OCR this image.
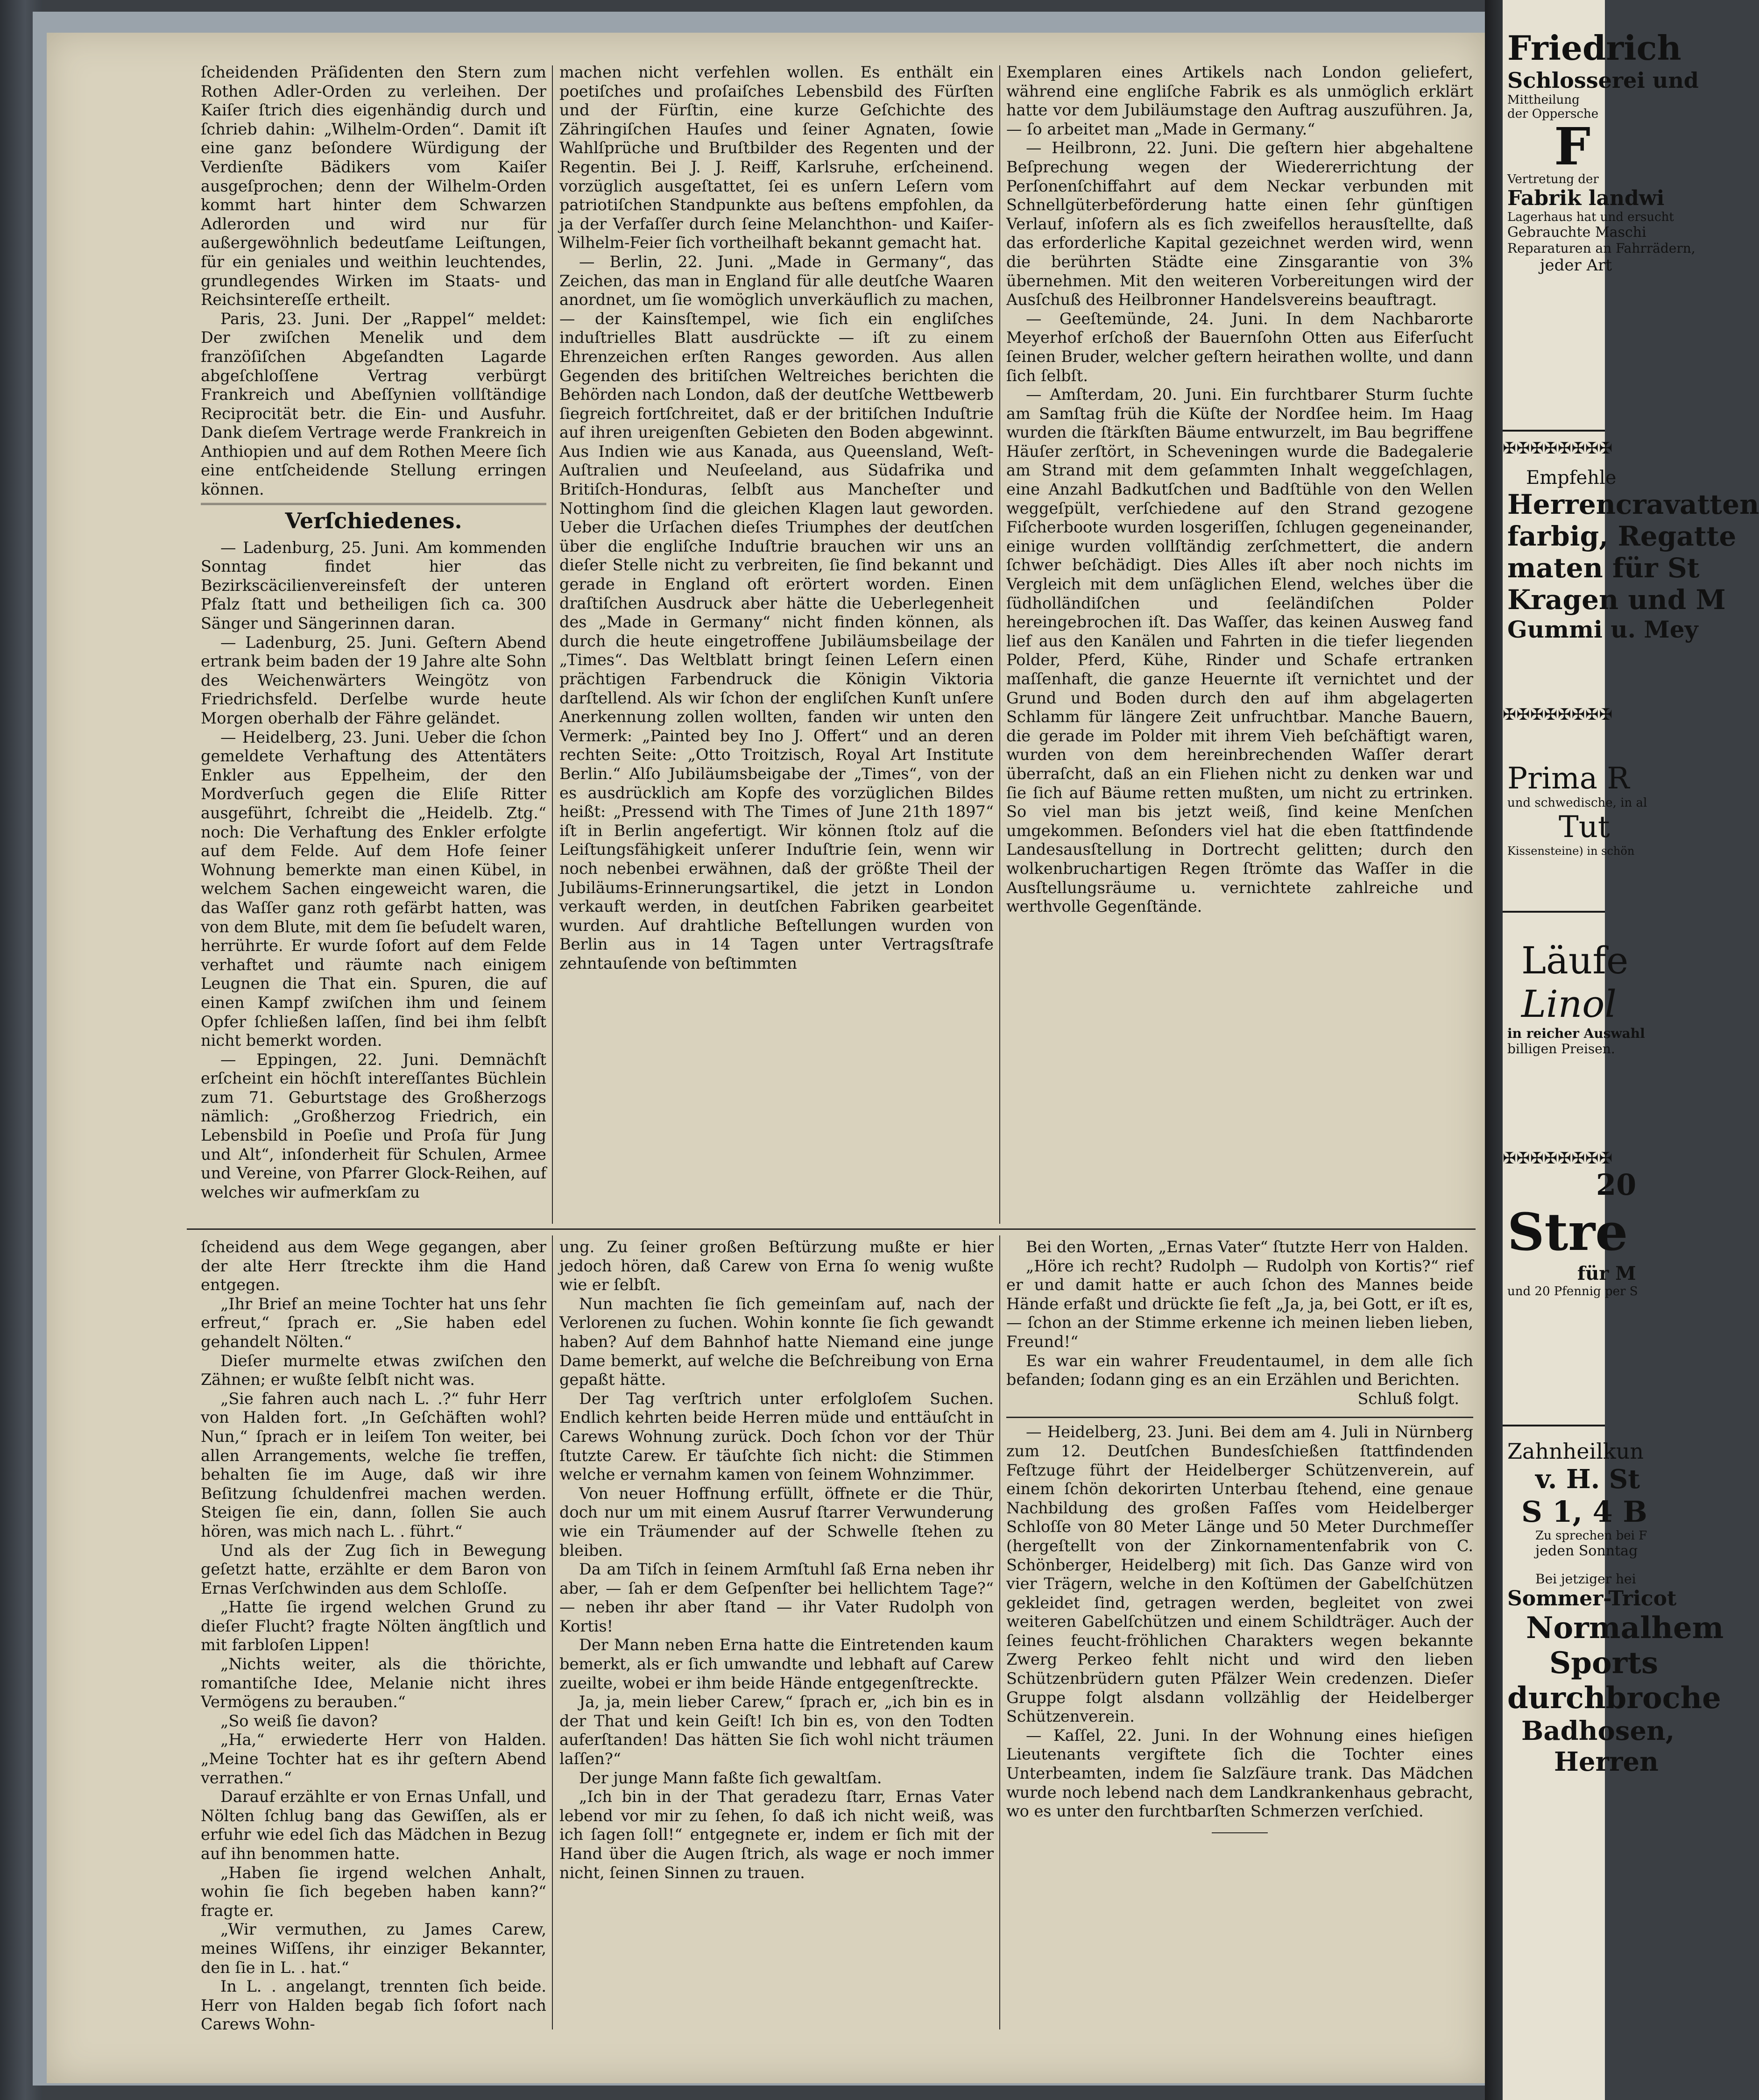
ſcheidenden Präſidenten den Stern zum Rothen Adler-Orden zu verleihen. Der Kaiſer ſtrich dies eigenhändig durch und ſchrieb dahin: „Wilhelm-Orden“. Damit iſt eine ganz beſondere Würdigung der Verdienſte Bädikers vom Kaiſer ausgeſprochen; denn der Wilhelm-Orden kommt hart hinter dem Schwarzen Adlerorden und wird nur für außergewöhnlich bedeutſame Leiſtungen, für ein geniales und weithin leuchtendes, grundlegendes Wirken im Staats- und Reichsintereſſe ertheilt.

Paris, 23. Juni. Der „Rappel“ meldet: Der zwiſchen Menelik und dem franzöſiſchen Abgeſandten Lagarde abgeſchloſſene Vertrag verbürgt Frankreich und Abeſſynien vollſtändige Reciprocität betr. die Ein- und Ausfuhr. Dank dieſem Vertrage werde Frankreich in Anthiopien und auf dem Rothen Meere ſich eine entſcheidende Stellung erringen können.

Verſchiedenes.

— Ladenburg, 25. Juni. Am kommenden Sonntag findet hier das Bezirkscäcilienvereinsfeſt der unteren Pfalz ſtatt und betheiligen ſich ca. 300 Sänger und Sängerinnen daran.

— Ladenburg, 25. Juni. Geſtern Abend ertrank beim baden der 19 Jahre alte Sohn des Weichenwärters Weingötz von Friedrichsfeld. Derſelbe wurde heute Morgen oberhalb der Fähre geländet.

— Heidelberg, 23. Juni. Ueber die ſchon gemeldete Verhaftung des Attentäters Enkler aus Eppelheim, der den Mordverſuch gegen die Eliſe Ritter ausgeführt, ſchreibt die „Heidelb. Ztg.“ noch: Die Verhaftung des Enkler erfolgte auf dem Felde. Auf dem Hofe ſeiner Wohnung bemerkte man einen Kübel, in welchem Sachen eingeweicht waren, die das Waſſer ganz roth gefärbt hatten, was von dem Blute, mit dem ſie beſudelt waren, herrührte. Er wurde ſofort auf dem Felde verhaftet und räumte nach einigem Leugnen die That ein. Spuren, die auf einen Kampf zwiſchen ihm und ſeinem Opfer ſchließen laſſen, ſind bei ihm ſelbſt nicht bemerkt worden.

— Eppingen, 22. Juni. Demnächſt erſcheint ein höchſt intereſſantes Büchlein zum 71. Geburtstage des Großherzogs nämlich: „Großherzog Friedrich, ein Lebensbild in Poeſie und Proſa für Jung und Alt“, inſonderheit für Schulen, Armee und Vereine, von Pfarrer Glock-Reihen, auf welches wir aufmerkſam zu

machen nicht verfehlen wollen. Es enthält ein poetiſches und proſaiſches Lebensbild des Fürſten und der Fürſtin, eine kurze Geſchichte des Zähringiſchen Hauſes und ſeiner Agnaten, ſowie Wahlſprüche und Bruſtbilder des Regenten und der Regentin. Bei J. J. Reiff, Karlsruhe, erſcheinend. vorzüglich ausgeſtattet, ſei es unſern Leſern vom patriotiſchen Standpunkte aus beſtens empfohlen, da ja der Verfaſſer durch ſeine Melanchthon- und Kaiſer-Wilhelm-Feier ſich vortheilhaft bekannt gemacht hat.

— Berlin, 22. Juni. „Made in Germany“, das Zeichen, das man in England für alle deutſche Waaren anordnet, um ſie womöglich unverkäuflich zu machen, — der Kainsſtempel, wie ſich ein engliſches induſtrielles Blatt ausdrückte — iſt zu einem Ehrenzeichen erſten Ranges geworden. Aus allen Gegenden des britiſchen Weltreiches berichten die Behörden nach London, daß der deutſche Wettbewerb ſiegreich fortſchreitet, daß er der britiſchen Induſtrie auf ihren ureigenſten Gebieten den Boden abgewinnt. Aus Indien wie aus Kanada, aus Queensland, Weſt-Auſtralien und Neuſeeland, aus Südafrika und Britiſch-Honduras, ſelbſt aus Mancheſter und Nottinghom ſind die gleichen Klagen laut geworden. Ueber die Urſachen dieſes Triumphes der deutſchen über die engliſche Induſtrie brauchen wir uns an dieſer Stelle nicht zu verbreiten, ſie ſind bekannt und gerade in England oft erörtert worden. Einen draſtiſchen Ausdruck aber hätte die Ueberlegenheit des „Made in Germany“ nicht finden können, als durch die heute eingetroffene Jubiläumsbeilage der „Times“. Das Weltblatt bringt ſeinen Leſern einen prächtigen Farbendruck die Königin Viktoria darſtellend. Als wir ſchon der engliſchen Kunſt unſere Anerkennung zollen wollten, fanden wir unten den Vermerk: „Painted bey Ino J. Offert“ und an deren rechten Seite: „Otto Troitzisch, Royal Art Institute Berlin.“ Alſo Jubiläumsbeigabe der „Times“, von der es ausdrücklich am Kopfe des vorzüglichen Bildes heißt: „Pressend with The Times of June 21th 1897“ iſt in Berlin angefertigt. Wir können ſtolz auf die Leiſtungsfähigkeit unſerer Induſtrie ſein, wenn wir noch nebenbei erwähnen, daß der größte Theil der Jubiläums-Erinnerungsartikel, die jetzt in London verkauft werden, in deutſchen Fabriken gearbeitet wurden. Auf drahtliche Beſtellungen wurden von Berlin aus in 14 Tagen unter Vertragsſtrafe zehntauſende von beſtimmten

Exemplaren eines Artikels nach London geliefert, während eine engliſche Fabrik es als unmöglich erklärt hatte vor dem Jubiläumstage den Auftrag auszuführen. Ja, — ſo arbeitet man „Made in Germany.“

— Heilbronn, 22. Juni. Die geſtern hier abgehaltene Beſprechung wegen der Wiedererrichtung der Perſonenſchiffahrt auf dem Neckar verbunden mit Schnellgüterbeförderung hatte einen ſehr günſtigen Verlauf, inſofern als es ſich zweifellos herausſtellte, daß das erforderliche Kapital gezeichnet werden wird, wenn die berührten Städte eine Zinsgarantie von 3% übernehmen. Mit den weiteren Vorbereitungen wird der Ausſchuß des Heilbronner Handelsvereins beauftragt.

— Geeſtemünde, 24. Juni. In dem Nachbarorte Meyerhof erſchoß der Bauernſohn Otten aus Eiferſucht ſeinen Bruder, welcher geſtern heirathen wollte, und dann ſich ſelbſt.

— Amſterdam, 20. Juni. Ein furchtbarer Sturm ſuchte am Samſtag früh die Küſte der Nordſee heim. Im Haag wurden die ſtärkſten Bäume entwurzelt, im Bau begriffene Häuſer zerſtört, in Scheveningen wurde die Badegalerie am Strand mit dem geſammten Inhalt weggeſchlagen, eine Anzahl Badkutſchen und Badſtühle von den Wellen weggeſpült, verſchiedene auf den Strand gezogene Fiſcherboote wurden losgeriſſen, ſchlugen gegeneinander, einige wurden vollſtändig zerſchmettert, die andern ſchwer beſchädigt. Dies Alles iſt aber noch nichts im Vergleich mit dem unſäglichen Elend, welches über die ſüdholländiſchen und ſeeländiſchen Polder hereingebrochen iſt. Das Waſſer, das keinen Ausweg fand lief aus den Kanälen und Fahrten in die tiefer liegenden Polder, Pferd, Kühe, Rinder und Schafe ertranken maſſenhaft, die ganze Heuernte iſt vernichtet und der Grund und Boden durch den auf ihm abgelagerten Schlamm für längere Zeit unfruchtbar. Manche Bauern, die gerade im Polder mit ihrem Vieh beſchäftigt waren, wurden von dem hereinbrechenden Waſſer derart überraſcht, daß an ein Fliehen nicht zu denken war und ſie ſich auf Bäume retten mußten, um nicht zu ertrinken. So viel man bis jetzt weiß, ſind keine Menſchen umgekommen. Beſonders viel hat die eben ſtattfindende Landesausſtellung in Dortrecht gelitten; durch den wolkenbruchartigen Regen ſtrömte das Waſſer in die Ausſtellungsräume u. vernichtete zahlreiche und werthvolle Gegenſtände.

ſcheidend aus dem Wege gegangen, aber der alte Herr ſtreckte ihm die Hand entgegen.

„Ihr Brief an meine Tochter hat uns ſehr erfreut,“ ſprach er. „Sie haben edel gehandelt Nölten.“

Dieſer murmelte etwas zwiſchen den Zähnen; er wußte ſelbſt nicht was.

„Sie fahren auch nach L. .?“ fuhr Herr von Halden fort. „In Geſchäften wohl? Nun,“ ſprach er in leiſem Ton weiter, bei allen Arrangements, welche ſie treffen, behalten ſie im Auge, daß wir ihre Beſitzung ſchuldenfrei machen werden. Steigen ſie ein, dann, ſollen Sie auch hören, was mich nach L. . führt.“

Und als der Zug ſich in Bewegung geſetzt hatte, erzählte er dem Baron von Ernas Verſchwinden aus dem Schloſſe.

„Hatte ſie irgend welchen Grund zu dieſer Flucht? fragte Nölten ängſtlich und mit farbloſen Lippen!

„Nichts weiter, als die thörichte, romantiſche Idee, Melanie nicht ihres Vermögens zu berauben.“

„So weiß ſie davon?

„Ha,“ erwiederte Herr von Halden. „Meine Tochter hat es ihr geſtern Abend verrathen.“

Darauf erzählte er von Ernas Unfall, und Nölten ſchlug bang das Gewiſſen, als er erfuhr wie edel ſich das Mädchen in Bezug auf ihn benommen hatte.

„Haben ſie irgend welchen Anhalt, wohin ſie ſich begeben haben kann?“ fragte er.

„Wir vermuthen, zu James Carew, meines Wiſſens, ihr einziger Bekannter, den ſie in L. . hat.“

In L. . angelangt, trennten ſich beide. Herr von Halden begab ſich ſofort nach Carews Wohn-

ung. Zu ſeiner großen Beſtürzung mußte er hier jedoch hören, daß Carew von Erna ſo wenig wußte wie er ſelbſt.

Nun machten ſie ſich gemeinſam auf, nach der Verlorenen zu ſuchen. Wohin konnte ſie ſich gewandt haben? Auf dem Bahnhof hatte Niemand eine junge Dame bemerkt, auf welche die Beſchreibung von Erna gepaßt hätte.

Der Tag verſtrich unter erfolgloſem Suchen. Endlich kehrten beide Herren müde und enttäuſcht in Carews Wohnung zurück. Doch ſchon vor der Thür ſtutzte Carew. Er täuſchte ſich nicht: die Stimmen welche er vernahm kamen von ſeinem Wohnzimmer.

Von neuer Hoffnung erfüllt, öffnete er die Thür, doch nur um mit einem Ausruf ſtarrer Verwunderung wie ein Träumender auf der Schwelle ſtehen zu bleiben.

Da am Tiſch in ſeinem Armſtuhl ſaß Erna neben ihr aber, — ſah er dem Geſpenſter bei hellichtem Tage?“ — neben ihr aber ſtand — ihr Vater Rudolph von Kortis!

Der Mann neben Erna hatte die Eintretenden kaum bemerkt, als er ſich umwandte und lebhaft auf Carew zueilte, wobei er ihm beide Hände entgegenſtreckte.

Ja, ja, mein lieber Carew,“ ſprach er, „ich bin es in der That und kein Geiſt! Ich bin es, von den Todten auferſtanden! Das hätten Sie ſich wohl nicht träumen laſſen?“

Der junge Mann faßte ſich gewaltſam.

„Ich bin in der That geradezu ſtarr, Ernas Vater lebend vor mir zu ſehen, ſo daß ich nicht weiß, was ich ſagen ſoll!“ entgegnete er, indem er ſich mit der Hand über die Augen ſtrich, als wage er noch immer nicht, ſeinen Sinnen zu trauen.

Bei den Worten, „Ernas Vater“ ſtutzte Herr von Halden.

„Höre ich recht? Rudolph — Rudolph von Kortis?“ rief er und damit hatte er auch ſchon des Mannes beide Hände erfaßt und drückte ſie feſt „Ja, ja, bei Gott, er iſt es, — ſchon an der Stimme erkenne ich meinen lieben lieben, Freund!“

Es war ein wahrer Freudentaumel, in dem alle ſich befanden; ſodann ging es an ein Erzählen und Berichten.

Schluß folgt.

— Heidelberg, 23. Juni. Bei dem am 4. Juli in Nürnberg zum 12. Deutſchen Bundesſchießen ſtattfindenden Feſtzuge führt der Heidelberger Schützenverein, auf einem ſchön dekorirten Unterbau ſtehend, eine genaue Nachbildung des großen Faſſes vom Heidelberger Schloſſe von 80 Meter Länge und 50 Meter Durchmeſſer (hergeſtellt von der Zinkornamentenfabrik von C. Schönberger, Heidelberg) mit ſich. Das Ganze wird von vier Trägern, welche in den Koſtümen der Gabelſchützen gekleidet ſind, getragen werden, begleitet von zwei weiteren Gabelſchützen und einem Schildträger. Auch der ſeines feucht-fröhlichen Charakters wegen bekannte Zwerg Perkeo fehlt nicht und wird den lieben Schützenbrüdern guten Pfälzer Wein credenzen. Dieſer Gruppe folgt alsdann vollzählig der Heidelberger Schützenverein.

— Kaſſel, 22. Juni. In der Wohnung eines hieſigen Lieutenants vergiftete ſich die Tochter eines Unterbeamten, indem ſie Salzſäure trank. Das Mädchen wurde noch lebend nach dem Landkrankenhaus gebracht, wo es unter den furchtbarſten Schmerzen verſchied.

Friedrich
Schlosserei und
Mittheilung
der Oppersche
F
Vertretung der
Fabrik landwi
Lagerhaus hat und ersucht
Gebrauchte Maschi
Reparaturen an Fahrrädern,
jeder Art
✠✠✠✠✠✠✠✠
Empfehle
Herrencravatten
farbig, Regatte
maten für St
Kragen und M
Gummi u. Mey
✠✠✠✠✠✠✠✠
Prima R
und schwedische, in al
Tut
Kissensteine) in schön
Läufe
Linol
in reicher Auswahl
billigen Preisen.
✠✠✠✠✠✠✠✠
20
Stre
für M
und 20 Pfennig per S
Zahnheilkun
v. H. St
S 1, 4 B
Zu sprechen bei F
jeden Sonntag
Bei jetziger hei
Sommer-Tricot
Normalhem
Sports
durchbroche
Badhosen,
Herren
